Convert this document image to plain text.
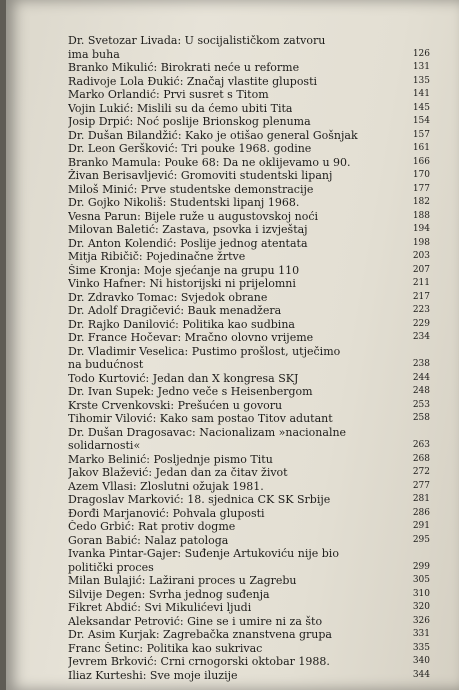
Dr. Svetozar Livada: U socijalističkom zatvoru
ima buha	126
Branko Mikulić: Birokrati neće u reforme	131
Radivoje Lola Đukić: Značaj vlastite gluposti	135
Marko Orlandić: Prvi susret s Titom	141
Vojin Lukić: Mislili su da ćemo ubiti Tita	145
Josip Drpić: Noć poslije Brionskog plenuma	154
Dr. Dušan Bilandžić: Kako je otišao general Gošnjak	157
Dr. Leon Geršković: Tri pouke 1968. godine	161
Branko Mamula: Pouke 68: Da ne oklijevamo u 90.	166
Živan Berisavljević: Gromoviti studentski lipanj	170
Miloš Minić: Prve studentske demonstracije	177
Dr. Gojko Nikoliš: Studentski lipanj 1968.	182
Vesna Parun: Bijele ruže u augustovskoj noći	188
Milovan Baletić: Zastava, psovka i izvještaj	194
Dr. Anton Kolendić: Poslije jednog atentata	198
Mitja Ribičič: Pojedinačne žrtve	203
Šime Kronja: Moje sjećanje na grupu 110	207
Vinko Hafner: Ni historijski ni prijelomni	211
Dr. Zdravko Tomac: Svjedok obrane	217
Dr. Adolf Dragičević: Bauk menadžera	223
Dr. Rajko Danilović: Politika kao sudbina	229
Dr. France Hočevar: Mračno olovno vrijeme	234
Dr. Vladimir Veselica: Pustimo prošlost, utječimo
na budućnost	238
Todo Kurtović: Jedan dan X kongresa SKJ	244
Dr. Ivan Supek: Jedno veče s Heisenbergom	248
Krste Crvenkovski: Prešućen u govoru	253
Tihomir Vilović: Kako sam postao Titov adutant	258
Dr. Dušan Dragosavac: Nacionalizam »nacionalne
solidarnosti«	263
Marko Belinić: Posljednje pismo Titu	268
Jakov Blažević: Jedan dan za čitav život	272
Azem Vllasi: Zloslutni ožujak 1981.	277
Dragoslav Marković: 18. sjednica CK SK Srbije	281
Đorđi Marjanović: Pohvala gluposti	286
Čedo Grbić: Rat protiv dogme	291
Goran Babić: Nalaz patologa	295
Ivanka Pintar-Gajer: Suđenje Artukoviću nije bio
politički proces	299
Milan Bulajić: Lažirani proces u Zagrebu	305
Silvije Degen: Svrha jednog suđenja	310
Fikret Abdić: Svi Mikulićevi ljudi	320
Aleksandar Petrović: Gine se i umire ni za što	326
Dr. Asim Kurjak: Zagrebačka znanstvena grupa	331
Franc Šetinc: Politika kao sukrivac	335
Jevrem Brković: Crni crnogorski oktobar 1988.	340
Iliaz Kurteshi: Sve moje iluzije	344
